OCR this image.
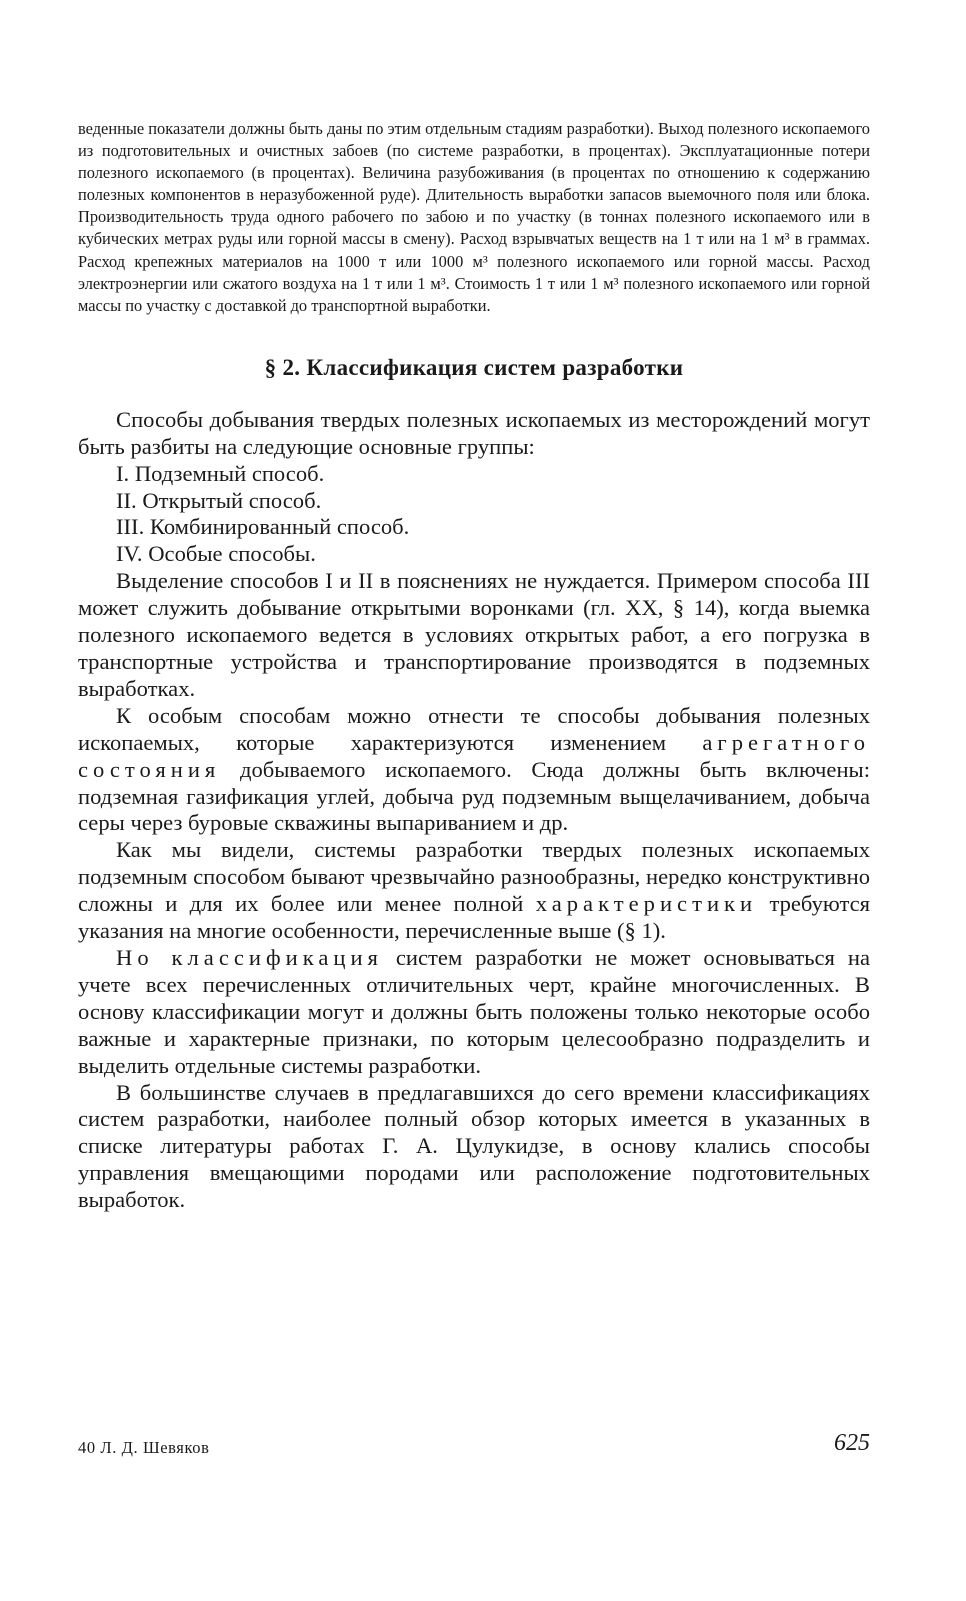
веденные показатели должны быть даны по этим отдельным стадиям разработки). Выход полезного ископаемого из подготовительных и очистных забоев (по системе разработки, в процентах). Эксплуатационные потери полезного ископаемого (в процентах). Величина разубоживания (в процентах по отношению к содержанию полезных компонентов в неразубоженной руде). Длительность выработки запасов выемочного поля или блока. Производительность труда одного рабочего по забою и по участку (в тоннах полезного ископаемого или в кубических метрах руды или горной массы в смену). Расход взрывчатых веществ на 1 т или на 1 м³ в граммах. Расход крепежных материалов на 1000 т или 1000 м³ полезного ископаемого или горной массы. Расход электроэнергии или сжатого воздуха на 1 т или 1 м³. Стоимость 1 т или 1 м³ полезного ископаемого или горной массы по участку с доставкой до транспортной выработки.

§ 2. Классификация систем разработки

Способы добывания твердых полезных ископаемых из месторождений могут быть разбиты на следующие основные группы:

I. Подземный способ.

II. Открытый способ.

III. Комбинированный способ.

IV. Особые способы.

Выделение способов I и II в пояснениях не нуждается. Примером способа III может служить добывание открытыми воронками (гл. XX, § 14), когда выемка полезного ископаемого ведется в условиях открытых работ, а его погрузка в транспортные устройства и транспортирование производятся в подземных выработках.

К особым способам можно отнести те способы добывания полезных ископаемых, которые характеризуются изменением агрегатного состояния добываемого ископаемого. Сюда должны быть включены: подземная газификация углей, добыча руд подземным выщелачиванием, добыча серы через буровые скважины выпариванием и др.

Как мы видели, системы разработки твердых полезных ископаемых подземным способом бывают чрезвычайно разнообразны, нередко конструктивно сложны и для их более или менее полной характеристики требуются указания на многие особенности, перечисленные выше (§ 1).

Но классификация систем разработки не может основываться на учете всех перечисленных отличительных черт, крайне многочисленных. В основу классификации могут и должны быть положены только некоторые особо важные и характерные признаки, по которым целесообразно подразделить и выделить отдельные системы разработки.

В большинстве случаев в предлагавшихся до сего времени классификациях систем разработки, наиболее полный обзор которых имеется в указанных в списке литературы работах Г. А. Цулукидзе, в основу клались способы управления вмещающими породами или расположение подготовительных выработок.

40 Л. Д. Шевяков	625
